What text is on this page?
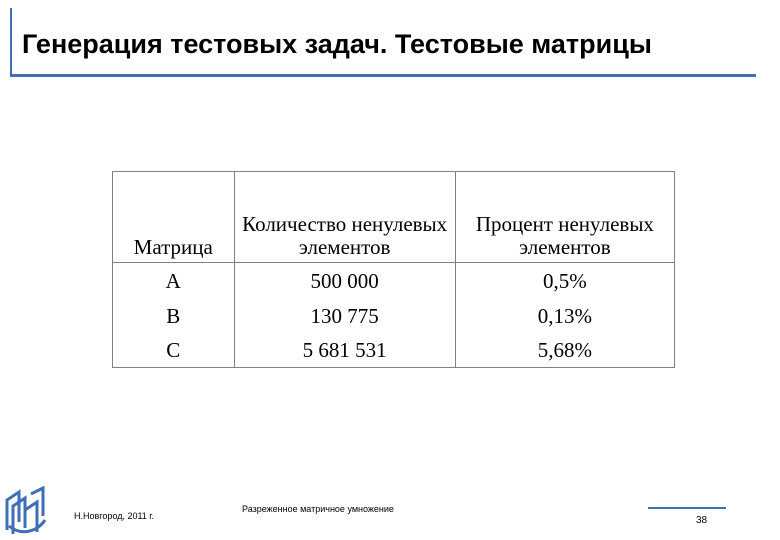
Генерация тестовых задач. Тестовые матрицы
Матрица	Количество ненулевых элементов	Процент ненулевых элементов
A	500 000	0,5%
B	130 775	0,13%
C	5 681 531	5,68%
Н.Новгород, 2011 г.
Разреженное матричное умножение
38
